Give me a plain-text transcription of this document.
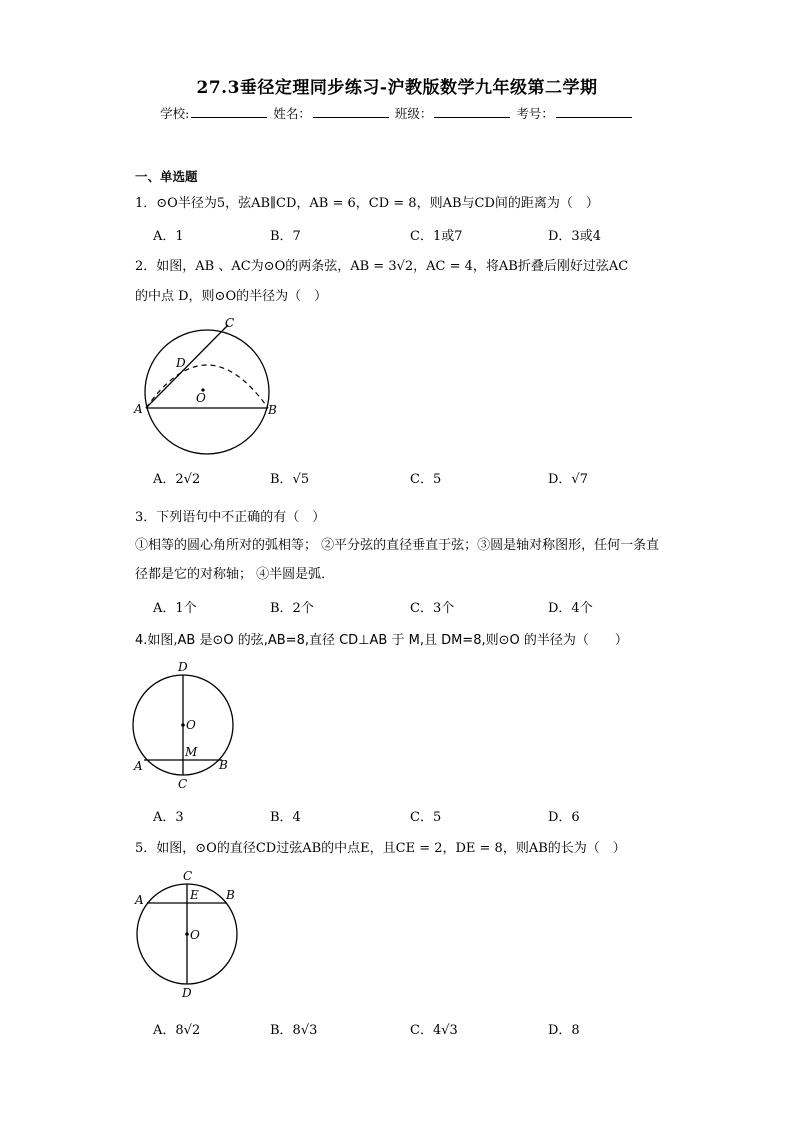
27.3垂径定理同步练习-沪教版数学九年级第二学期
学校:	姓名：	班级：	考号：
一、单选题
1．⊙O半径为5，弦AB∥CD，AB = 6，CD = 8，则AB与CD间的距离为（　）
A．1	B．7	C．1或7	D．3或4
2．如图，AB 、AC为⊙O的两条弦，AB = 3√2，AC = 4，将AB折叠后刚好过弦AC
的中点 D，则⊙O的半径为（　）
C
D
O
A	B
A．2√2	B．√5	C．5	D．√7
3．下列语句中不正确的有（　）
①相等的圆心角所对的弧相等； ②平分弦的直径垂直于弦；③圆是轴对称图形，任何一条直径都是它的对称轴； ④半圆是弧．
A．1个	B．2个	C．3个	D．4个
4.如图,AB 是⊙O 的弦,AB=8,直径 CD⊥AB 于 M,且 DM=8,则⊙O 的半径为（　　）
D
O
M
A	B
C
A．3	B．4	C．5	D．6
5．如图，⊙O的直径CD过弦AB的中点E，且CE = 2，DE = 8，则AB的长为（　）
C
A	E B
O
D
A．8√2	B．8√3	C．4√3	D．8
